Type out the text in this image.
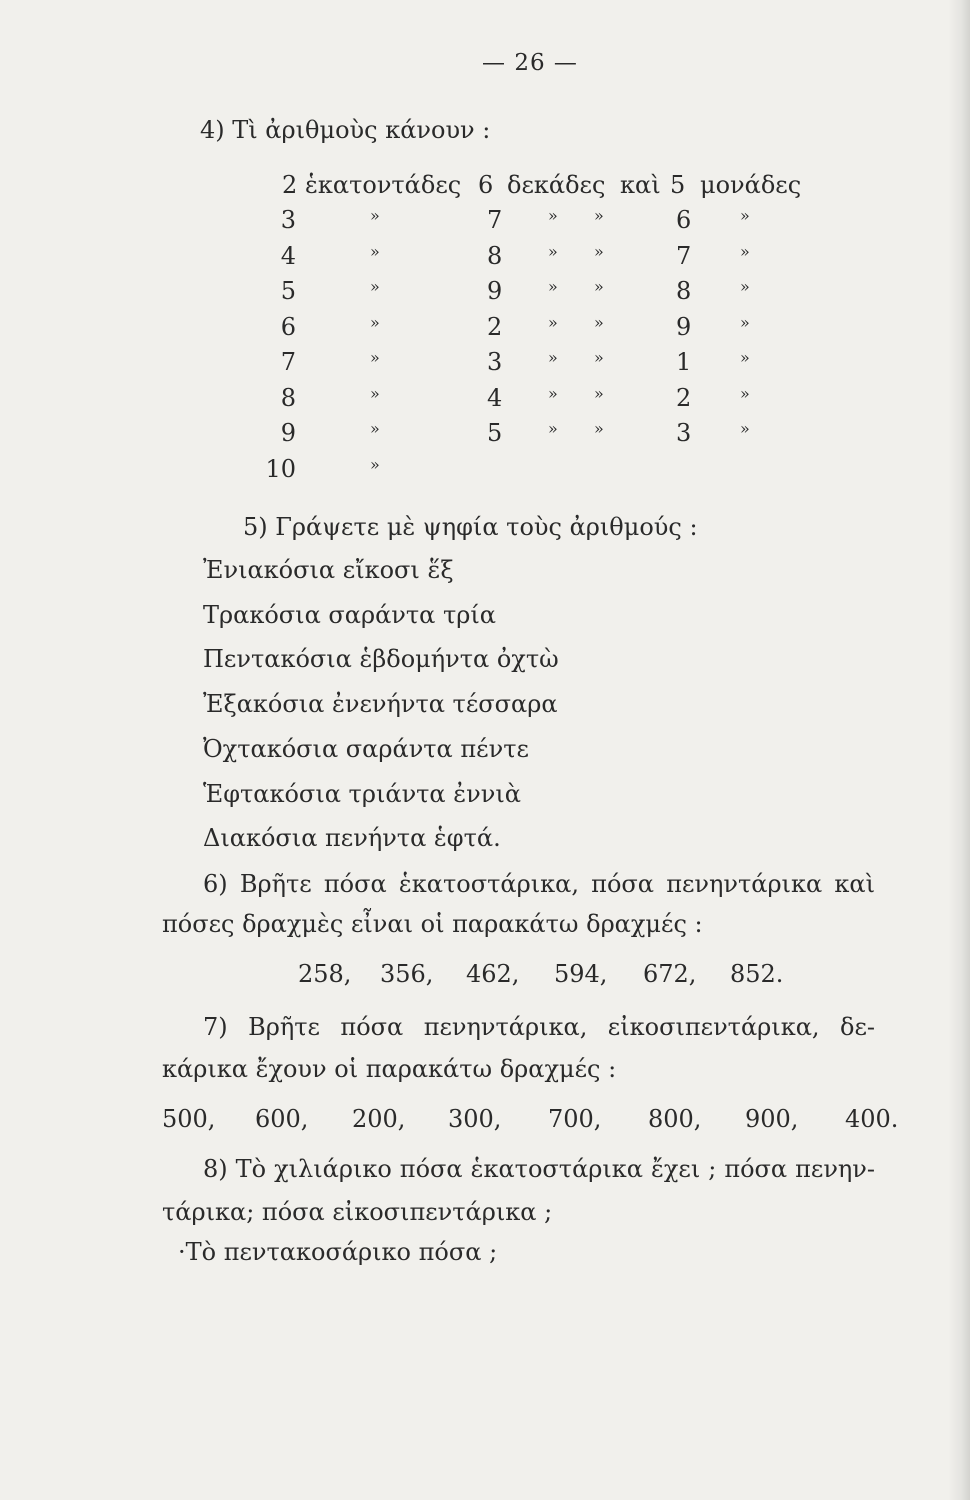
— 26 —
4) Τὶ ἀριθμοὺς κάνουν :
2 ἑκατοντάδες 6 δεκάδες καὶ 5 μονάδες
3	»	7	» »	6	»
4	»	8	» »	7	»
5	»	9	» »	8	»
6	»	2	» »	9	»
7	»	3	» »	1	»
8	»	4	» »	2	»
9	»	5	» »	3	»
10	»
5) Γράψετε μὲ ψηφία τοὺς ἀριθμούς :
Ἐνιακόσια εἴκοσι ἕξ
Τρακόσια σαράντα τρία
Πεντακόσια ἑβδομήντα ὀχτὼ
Ἐξακόσια ἐνενήντα τέσσαρα
Ὀχτακόσια σαράντα πέντε
Ἑφτακόσια τριάντα ἐννιὰ
Διακόσια πενήντα ἑφτά.
6) Βρῆτε πόσα ἑκατοστάρικα, πόσα πενηντάρικα καὶ
πόσες δραχμὲς εἶναι οἱ παρακάτω δραχμές :
258, 356, 462, 594, 672, 852.
7) Βρῆτε πόσα πενηντάρικα, εἰκοσιπεντάρικα, δε-
κάρικα ἔχουν οἱ παρακάτω δραχμές :
500, 600, 200, 300, 700, 800, 900, 400.
8) Τὸ χιλιάρικο πόσα ἑκατοστάρικα ἔχει ; πόσα πενην-
τάρικα; πόσα εἰκοσιπεντάρικα ;
·Τὸ πεντακοσάρικο πόσα ;
